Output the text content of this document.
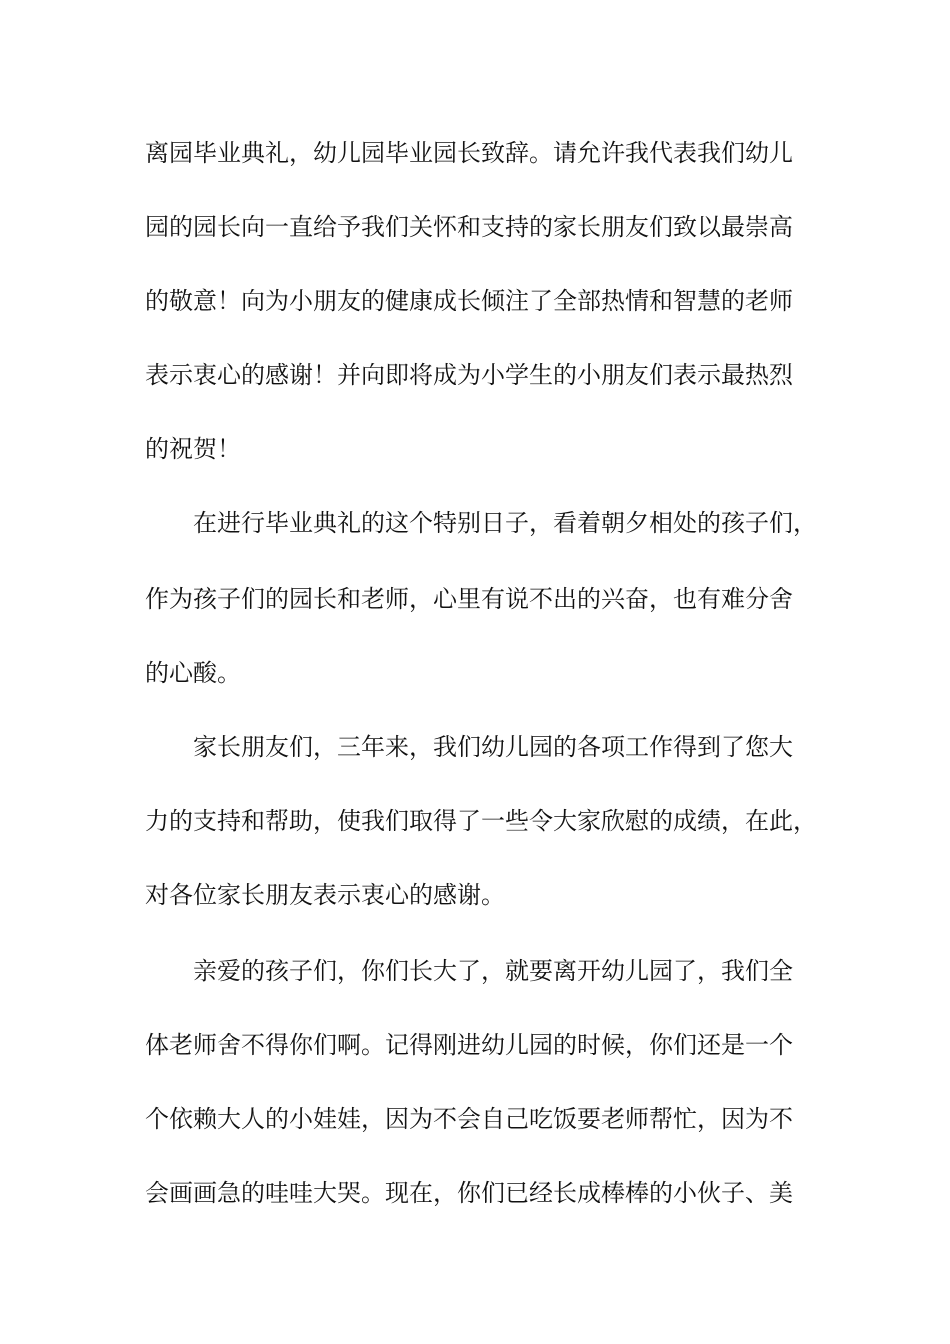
离园毕业典礼，幼儿园毕业园长致辞。请允许我代表我们幼儿
园的园长向一直给予我们关怀和支持的家长朋友们致以最崇高
的敬意！向为小朋友的健康成长倾注了全部热情和智慧的老师
表示衷心的感谢！并向即将成为小学生的小朋友们表示最热烈
的祝贺！
在进行毕业典礼的这个特别日子，看着朝夕相处的孩子们，
作为孩子们的园长和老师，心里有说不出的兴奋，也有难分舍
的心酸。
家长朋友们，三年来，我们幼儿园的各项工作得到了您大
力的支持和帮助，使我们取得了一些令大家欣慰的成绩，在此，
对各位家长朋友表示衷心的感谢。
亲爱的孩子们，你们长大了，就要离开幼儿园了，我们全
体老师舍不得你们啊。记得刚进幼儿园的时候，你们还是一个
个依赖大人的小娃娃，因为不会自己吃饭要老师帮忙，因为不
会画画急的哇哇大哭。现在，你们已经长成棒棒的小伙子、美
